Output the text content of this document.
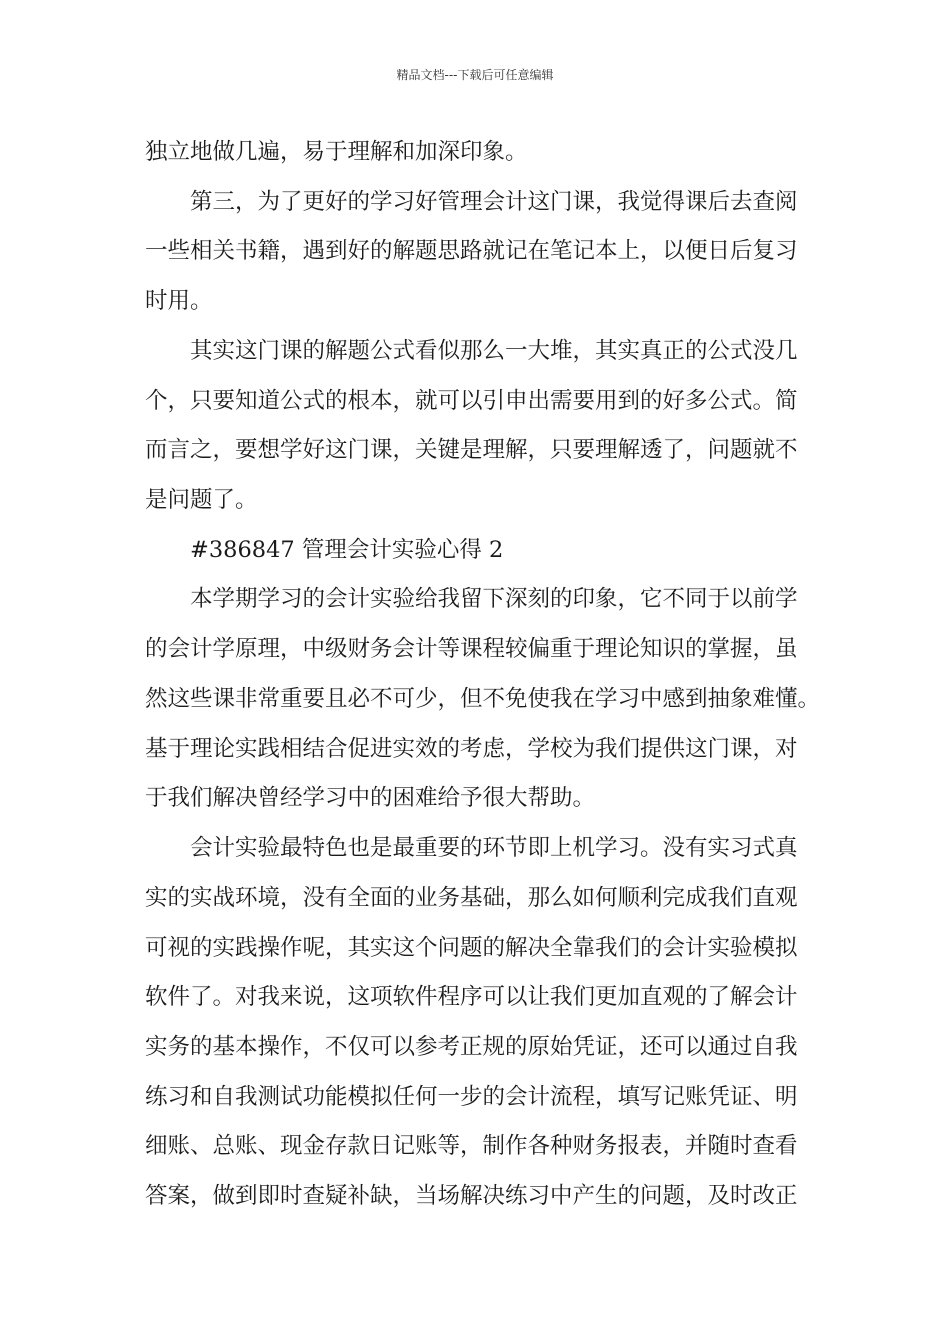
精品文档---下载后可任意编辑
独立地做几遍，易于理解和加深印象。
　　第三，为了更好的学习好管理会计这门课，我觉得课后去查阅
一些相关书籍，遇到好的解题思路就记在笔记本上，以便日后复习
时用。
　　其实这门课的解题公式看似那么一大堆，其实真正的公式没几
个，只要知道公式的根本，就可以引申出需要用到的好多公式。简
而言之，要想学好这门课，关键是理解，只要理解透了，问题就不
是问题了。
　　#386847 管理会计实验心得 2
　　本学期学习的会计实验给我留下深刻的印象，它不同于以前学
的会计学原理，中级财务会计等课程较偏重于理论知识的掌握，虽
然这些课非常重要且必不可少，但不免使我在学习中感到抽象难懂。
基于理论实践相结合促进实效的考虑，学校为我们提供这门课，对
于我们解决曾经学习中的困难给予很大帮助。
　　会计实验最特色也是最重要的环节即上机学习。没有实习式真
实的实战环境，没有全面的业务基础，那么如何顺利完成我们直观
可视的实践操作呢，其实这个问题的解决全靠我们的会计实验模拟
软件了。对我来说，这项软件程序可以让我们更加直观的了解会计
实务的基本操作，不仅可以参考正规的原始凭证，还可以通过自我
练习和自我测试功能模拟任何一步的会计流程，填写记账凭证、明
细账、总账、现金存款日记账等，制作各种财务报表，并随时查看
答案，做到即时查疑补缺，当场解决练习中产生的问题，及时改正
